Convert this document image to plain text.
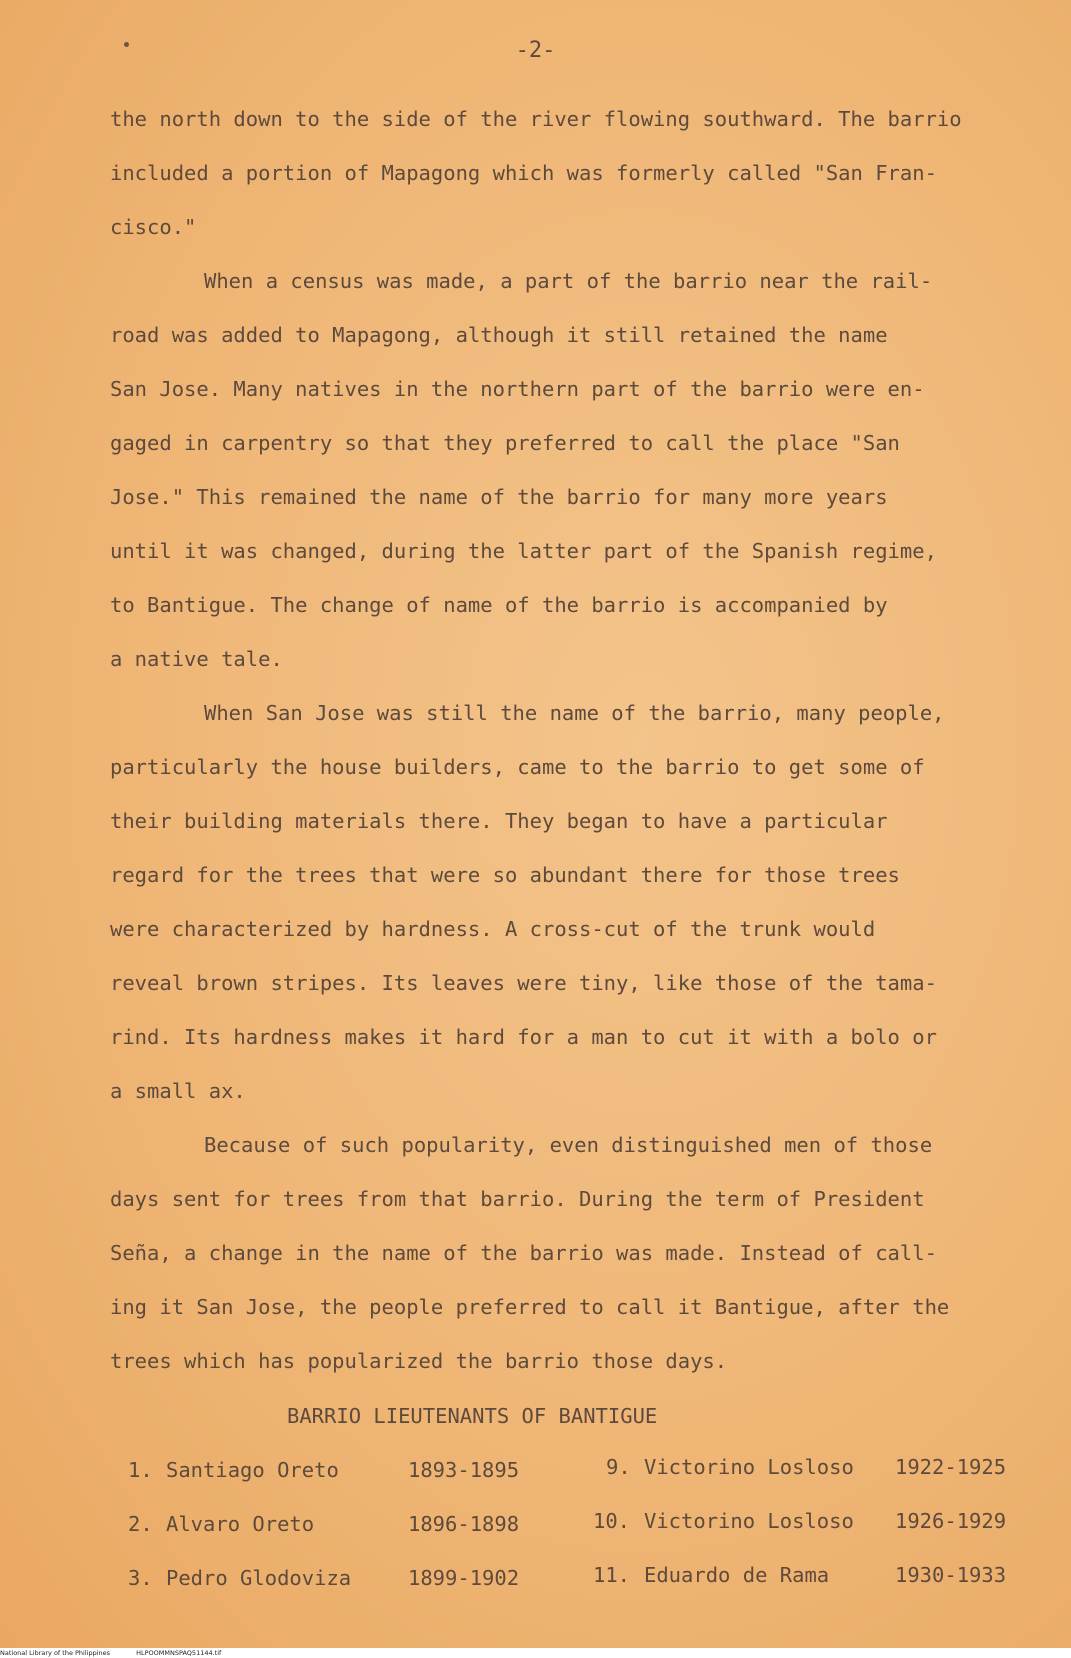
-2-
the north down to the side of the river flowing southward. The barrio
included a portion of Mapagong which was formerly called "San Fran-
cisco."
When a census was made, a part of the barrio near the rail-
road was added to Mapagong, although it still retained the name
San Jose. Many natives in the northern part of the barrio were en-
gaged in carpentry so that they preferred to call the place "San
Jose." This remained the name of the barrio for many more years
until it was changed, during the latter part of the Spanish regime,
to Bantigue. The change of name of the barrio is accompanied by
a native tale.
When San Jose was still the name of the barrio, many people,
particularly the house builders, came to the barrio to get some of
their building materials there. They began to have a particular
regard for the trees that were so abundant there for those trees
were characterized by hardness. A cross-cut of the trunk would
reveal brown stripes. Its leaves were tiny, like those of the tama-
rind. Its hardness makes it hard for a man to cut it with a bolo or
a small ax.
Because of such popularity, even distinguished men of those
days sent for trees from that barrio. During the term of President
Seña, a change in the name of the barrio was made. Instead of call-
ing it San Jose, the people preferred to call it Bantigue, after the
trees which has popularized the barrio those days.
BARRIO LIEUTENANTS OF BANTIGUE
1. Santiago Oreto	1893-1895
2. Alvaro Oreto	1896-1898
3. Pedro Glodoviza	1899-1902
9. Victorino Losloso 1922-1925
10. Victorino Losloso 1926-1929
11. Eduardo de Rama	1930-1933
National Library of the Philippines	HLPOOMMNSPAQ51144.tif
